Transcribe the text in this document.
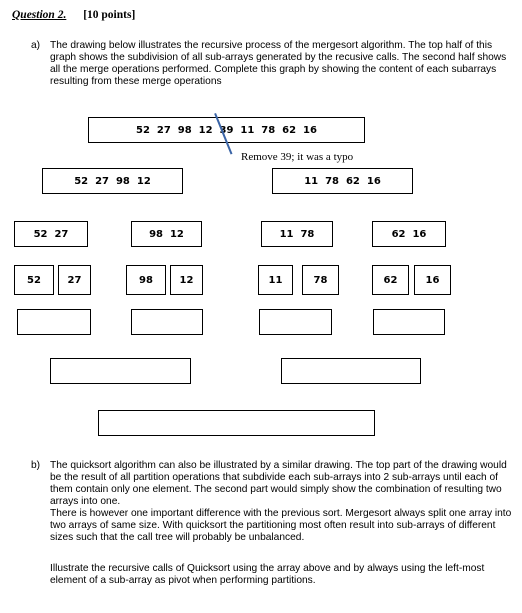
Question 2. [10 points]
a) The drawing below illustrates the recursive process of the mergesort algorithm. The top half of this graph shows the subdivision of all sub-arrays generated by the recusive calls. The second half shows all the merge operations performed. Complete this graph by showing the content of each subarrays resulting from these merge operations
52  27  98  12  39  11  78  62  16
Remove 39; it was a typo
52  27  98  12	11  78  62  16
52  27	98  12	11  78	62  16
52	27	98	12	11	78	62	16
b) The quicksort algorithm can also be illustrated by a similar drawing. The top part of the drawing would be the result of all partition operations that subdivide each sub-arrays into 2 sub-arrays until each of them contain only one element. The second part would simply show the combination of resulting two arrays into one.
There is however one important difference with the previous sort. Mergesort always split one array into two arrays of same size. With quicksort the partitioning most often result into sub-arrays of different sizes such that the call tree will probably be unbalanced.
Illustrate the recursive calls of Quicksort using the array above and by always using the left-most element of a sub-array as pivot when performing partitions.
